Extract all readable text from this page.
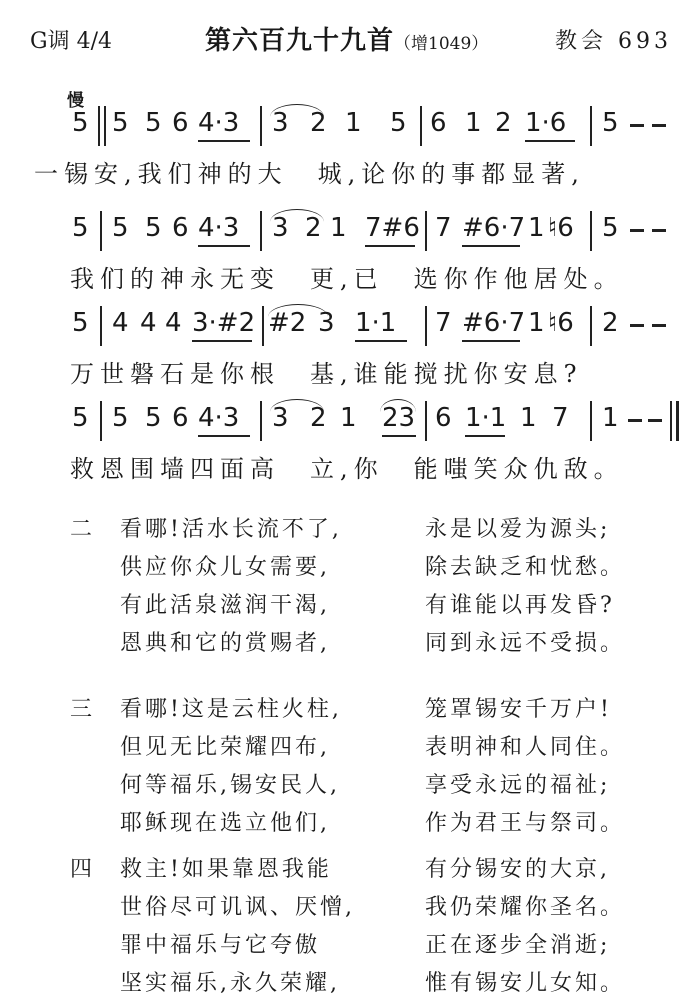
G调 4/4	第六百九十九首（增1049）	教会 693
慢
5 5 5 6 4·3 3 2 1 5 6 1 2 1·6 5
一锡安,我们神的大　城,论你的事都显著,
5 5 5 6 4·3 3 2 1 7#6 7 #6·7 1 ♮6 5
我们的神永无变　更,已　选你作他居处。
5 4 4 4 3·#2 #2 3 1·1 7 #6·7 1 ♮6 2
万世磐石是你根　基,谁能搅扰你安息?
5 5 5 6 4·3 3 2 1 23 6 1·1 1 7 1
救恩围墙四面高　立,你　能嗤笑众仇敌。
二 看哪!活水长流不了,	永是以爱为源头;
供应你众儿女需要,	除去缺乏和忧愁。
有此活泉滋润干渴,	有谁能以再发昏?
恩典和它的赏赐者,	同到永远不受损。
三 看哪!这是云柱火柱,	笼罩锡安千万户!
但见无比荣耀四布,	表明神和人同住。
何等福乐,锡安民人,	享受永远的福祉;
耶稣现在选立他们,	作为君王与祭司。
四 救主!如果靠恩我能	有分锡安的大京,
世俗尽可讥讽、厌憎,	我仍荣耀你圣名。
罪中福乐与它夸傲	正在逐步全消逝;
坚实福乐,永久荣耀,	惟有锡安儿女知。
